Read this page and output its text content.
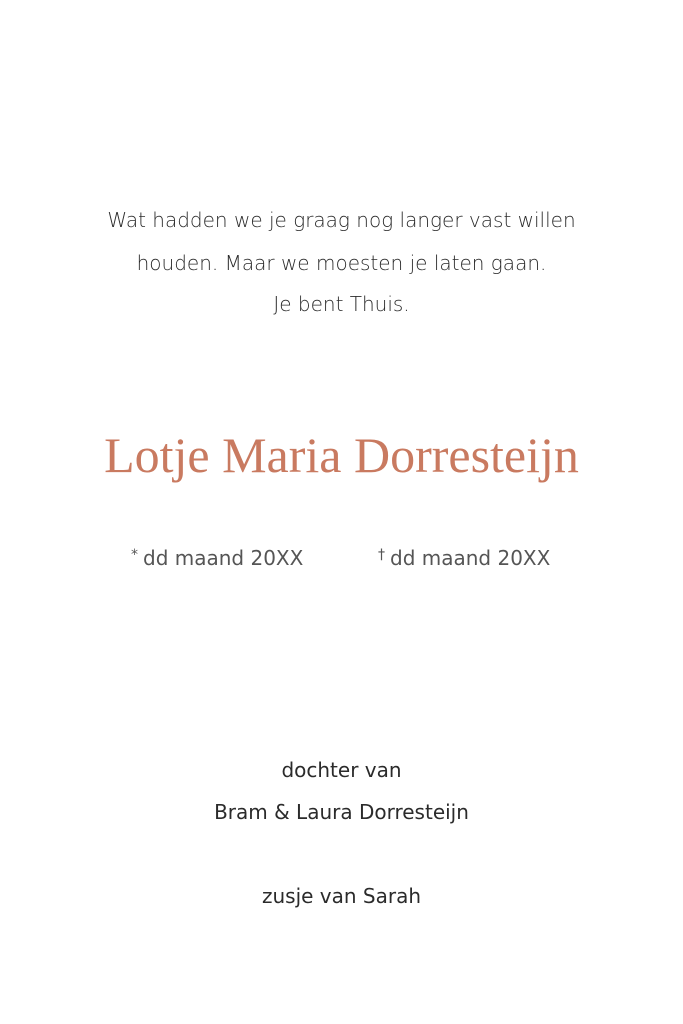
Wat hadden we je graag nog langer vast willen
houden. Maar we moesten je laten gaan.
Je bent Thuis.
Lotje Maria Dorresteijn
* dd maand 20XX	† dd maand 20XX
dochter van
Bram & Laura Dorresteijn
zusje van Sarah
